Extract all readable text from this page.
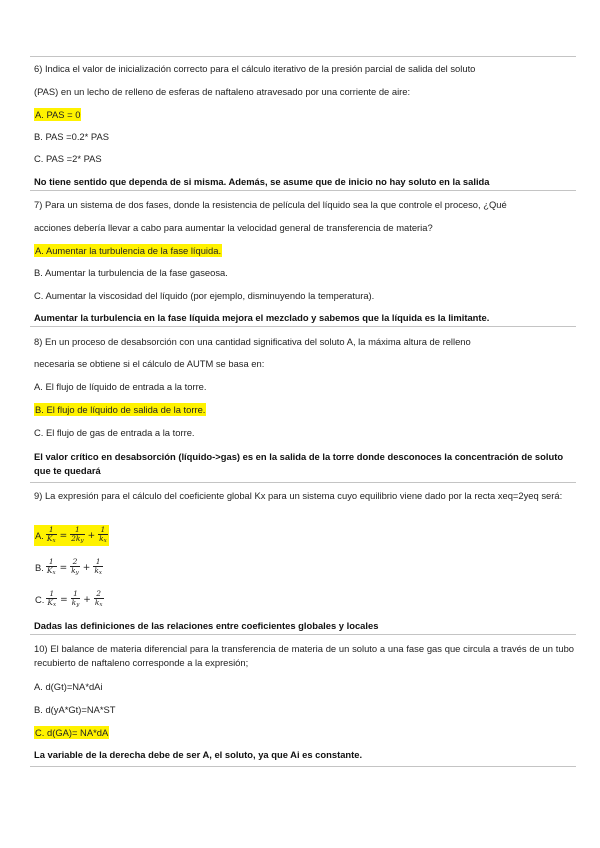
6) Indica el valor de inicialización correcto para el cálculo iterativo de la presión parcial de salida del soluto

(PAS) en un lecho de relleno de esferas de naftaleno atravesado por una corriente de aire:

A. PAS = 0

B. PAS =0.2* PAS

C. PAS =2* PAS

No tiene sentido que dependa de si misma. Además, se asume que de inicio no hay soluto en la salida

7) Para un sistema de dos fases, donde la resistencia de película del líquido sea la que controle el proceso, ¿Qué

acciones debería llevar a cabo para aumentar la velocidad general de transferencia de materia?

A. Aumentar la turbulencia de la fase líquida.

B. Aumentar la turbulencia de la fase gaseosa.

C. Aumentar la viscosidad del líquido (por ejemplo, disminuyendo la temperatura).

Aumentar la turbulencia en la fase líquida mejora el mezclado y sabemos que la líquida es la limitante.

8) En un proceso de desabsorción con una cantidad significativa del soluto A, la máxima altura de relleno

necesaria se obtiene si el cálculo de AUTM se basa en:

A. El flujo de líquido de entrada a la torre.

B. El flujo de líquido de salida de la torre.

C. El flujo de gas de entrada a la torre.

El valor crítico en desabsorción (líquido->gas) es en la salida de la torre donde desconoces la concentración de soluto que te quedará

9) La expresión para el cálculo del coeficiente global Kx para un sistema cuyo equilibrio viene dado por la recta xeq=2yeq será:

A. $\frac{1}{K_x} = \frac{1}{2k_y} + \frac{1}{k_x}$
B. $\frac{1}{K_x} = \frac{2}{k_y} + \frac{1}{k_x}$
C. $\frac{1}{K_x} = \frac{1}{k_y} + \frac{2}{k_x}$

Dadas las definiciones de las relaciones entre coeficientes globales y locales

10) El balance de materia diferencial para la transferencia de materia de un soluto a una fase gas que circula a través de un tubo recubierto de naftaleno corresponde a la expresión;

A. d(Gt)=NA*dAi

B. d(yA*Gt)=NA*ST

C. d(GA)= NA*dA

La variable de la derecha debe de ser A, el soluto, ya que Ai es constante.
